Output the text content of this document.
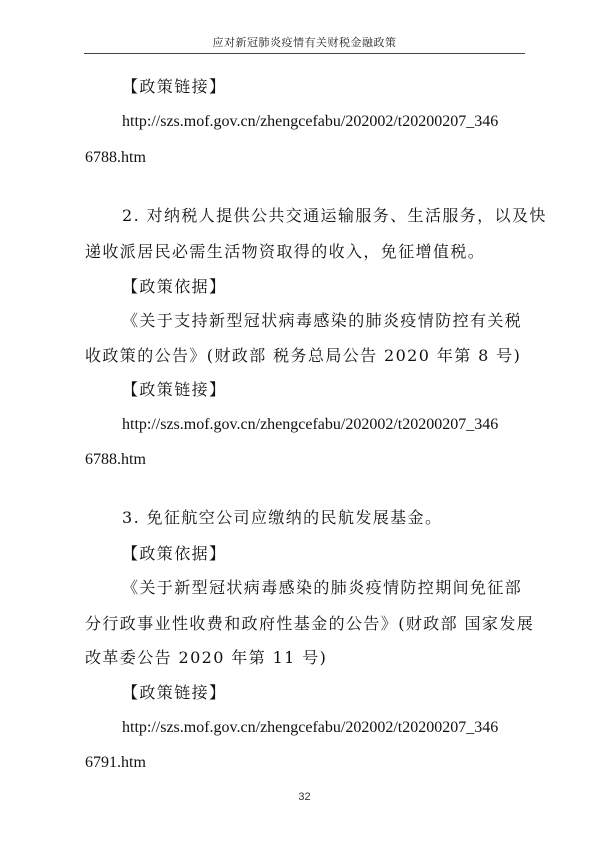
应对新冠肺炎疫情有关财税金融政策
【政策链接】
http://szs.mof.gov.cn/zhengcefabu/202002/t20200207_346
6788.htm
2. 对纳税人提供公共交通运输服务、生活服务，以及快
递收派居民必需生活物资取得的收入，免征增值税。
【政策依据】
《关于支持新型冠状病毒感染的肺炎疫情防控有关税
收政策的公告》(财政部 税务总局公告 2020 年第 8 号)
【政策链接】
http://szs.mof.gov.cn/zhengcefabu/202002/t20200207_346
6788.htm
3. 免征航空公司应缴纳的民航发展基金。
【政策依据】
《关于新型冠状病毒感染的肺炎疫情防控期间免征部
分行政事业性收费和政府性基金的公告》(财政部 国家发展
改革委公告 2020 年第 11 号)
【政策链接】
http://szs.mof.gov.cn/zhengcefabu/202002/t20200207_346
6791.htm
32
